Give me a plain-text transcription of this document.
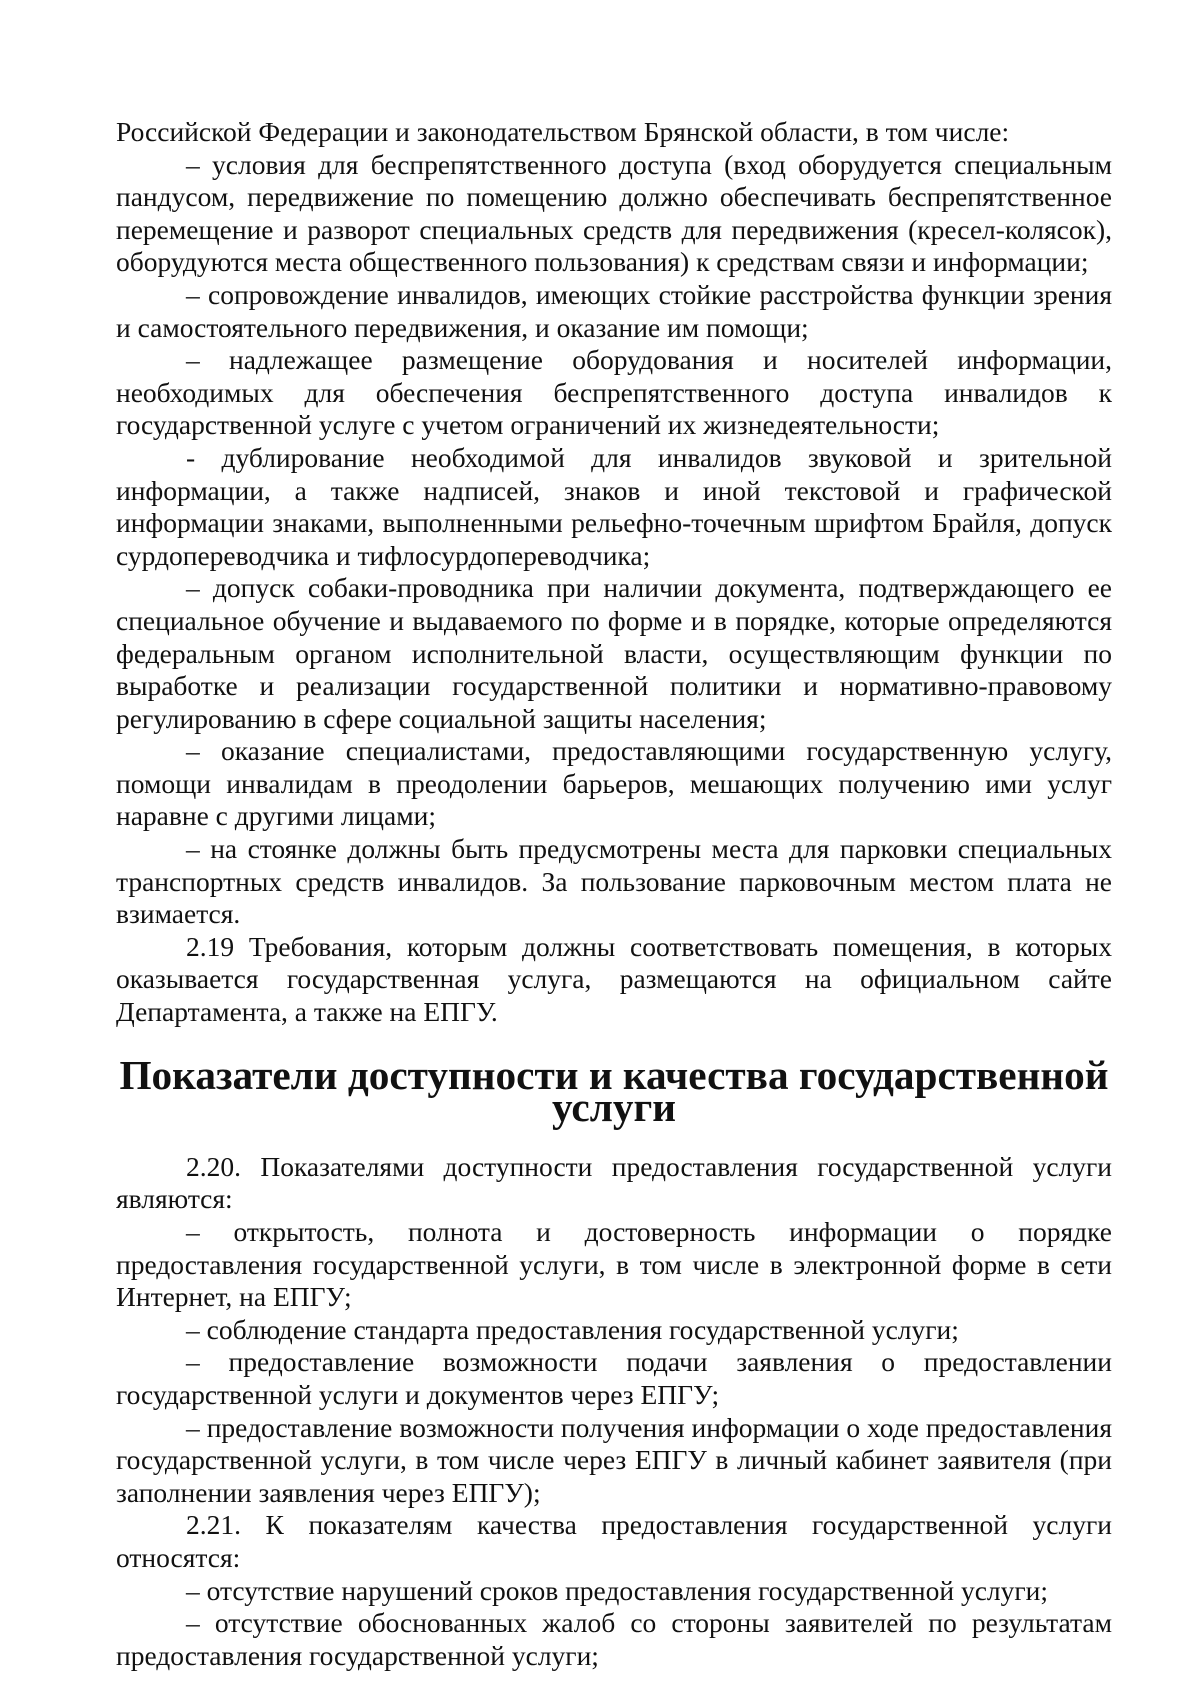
Российской Федерации и законодательством Брянской области, в том числе:

– условия для беспрепятственного доступа (вход оборудуется специальным пандусом, передвижение по помещению должно обеспечивать беспрепятственное перемещение и разворот специальных средств для передвижения (кресел-колясок), оборудуются места общественного пользования) к средствам связи и информации;

– сопровождение инвалидов, имеющих стойкие расстройства функции зрения и самостоятельного передвижения, и оказание им помощи;

– надлежащее размещение оборудования и носителей информации, необходимых для обеспечения беспрепятственного доступа инвалидов к государственной услуге с учетом ограничений их жизнедеятельности;

- дублирование необходимой для инвалидов звуковой и зрительной информации, а также надписей, знаков и иной текстовой и графической информации знаками, выполненными рельефно-точечным шрифтом Брайля, допуск сурдопереводчика и тифлосурдопереводчика;

– допуск собаки-проводника при наличии документа, подтверждающего ее специальное обучение и выдаваемого по форме и в порядке, которые определяются федеральным органом исполнительной власти, осуществляющим функции по выработке и реализации государственной политики и нормативно-правовому регулированию в сфере социальной защиты населения;

– оказание специалистами, предоставляющими государственную услугу, помощи инвалидам в преодолении барьеров, мешающих получению ими услуг наравне с другими лицами;

– на стоянке должны быть предусмотрены места для парковки специальных транспортных средств инвалидов. За пользование парковочным местом плата не взимается.

2.19 Требования, которым должны соответствовать помещения, в которых оказывается государственная услуга, размещаются на официальном сайте Департамента, а также на ЕПГУ.

Показатели доступности и качества государственной услуги

2.20. Показателями доступности предоставления государственной услуги являются:

– открытость, полнота и достоверность информации о порядке предоставления государственной услуги, в том числе в электронной форме в сети Интернет, на ЕПГУ;

– соблюдение стандарта предоставления государственной услуги;

– предоставление возможности подачи заявления о предоставлении государственной услуги и документов через ЕПГУ;

– предоставление возможности получения информации о ходе предоставления государственной услуги, в том числе через ЕПГУ в личный кабинет заявителя (при заполнении заявления через ЕПГУ);

2.21. К показателям качества предоставления государственной услуги относятся:

– отсутствие нарушений сроков предоставления государственной услуги;

– отсутствие обоснованных жалоб со стороны заявителей по результатам предоставления государственной услуги;
